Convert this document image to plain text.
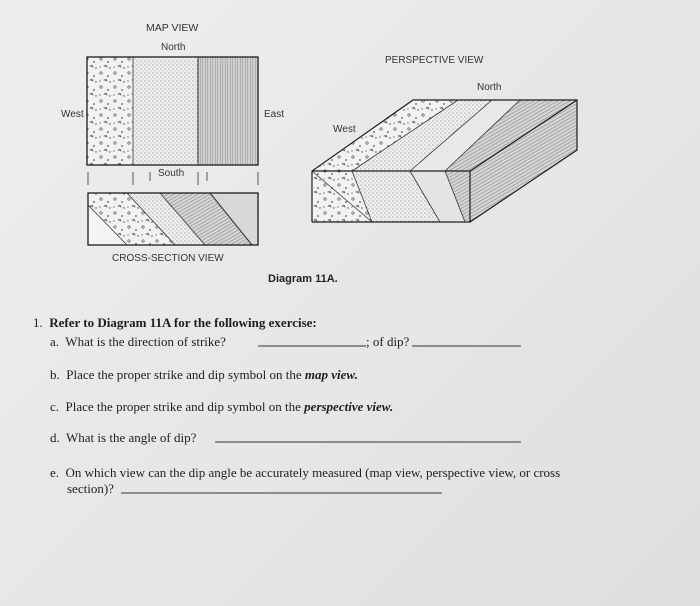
MAP VIEW
North
West	East
South
CROSS-SECTION VIEW
PERSPECTIVE VIEW
North
West
Diagram 11A.
1. Refer to Diagram 11A for the following exercise:
a. What is the direction of strike?	; of dip?
b. Place the proper strike and dip symbol on the map view.
c. Place the proper strike and dip symbol on the perspective view.
d. What is the angle of dip?
e. On which view can the dip angle be accurately measured (map view, perspective view, or cross
section)?
